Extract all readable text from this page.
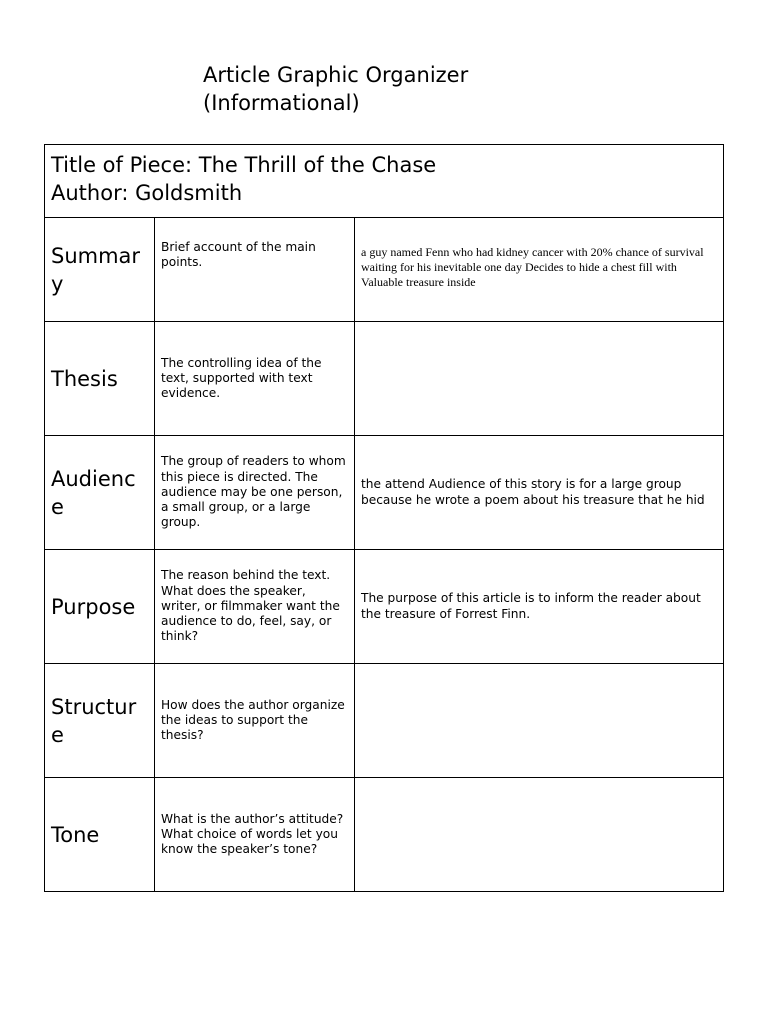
Article Graphic Organizer
(Informational)
Title of Piece: The Thrill of the Chase
Author: Goldsmith		

Summary	Brief account of the main points.	a guy named Fenn who had kidney cancer with 20% chance of survival waiting for his inevitable one day Decides to hide a chest fill with Valuable treasure inside
Thesis	The controlling idea of the text, supported with text evidence.	
Audience	The group of readers to whom this piece is directed. The audience may be one person, a small group, or a large group.	the attend Audience of this story is for a large group because he wrote a poem about his treasure that he hid
Purpose	The reason behind the text. What does the speaker, writer, or filmmaker want the audience to do, feel, say, or think?	The purpose of this article is to inform the reader about the treasure of Forrest Finn.
Structure	How does the author organize the ideas to support the thesis?	
Tone	What is the author’s attitude? What choice of words let you know the speaker’s tone?	
